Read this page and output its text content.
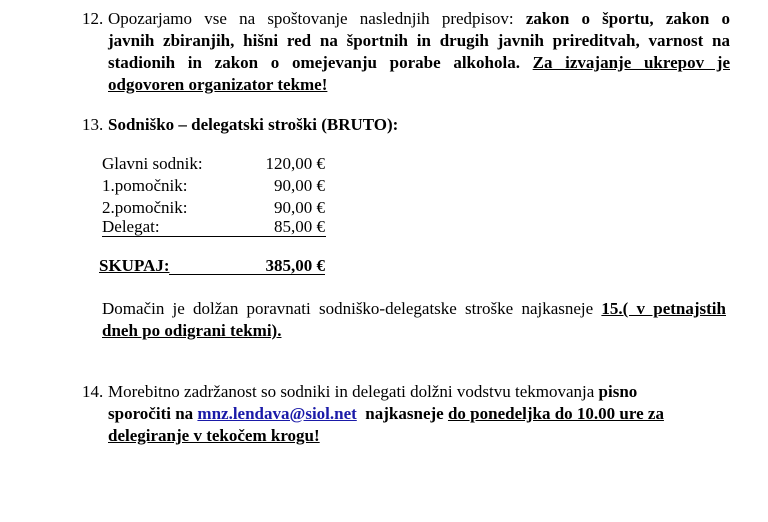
12. Opozarjamo vse na spoštovanje naslednjih predpisov: zakon o športu, zakon o
javnih zbiranjih, hišni red na športnih in drugih javnih prireditvah, varnost na
stadionih in zakon o omejevanju porabe alkohola. Za izvajanje ukrepov je
odgovoren organizator tekme!
13. Sodniško – delegatski stroški (BRUTO):
Glavni sodnik:	120,00 €
1.pomočnik:	90,00 €
2.pomočnik:	90,00 €
Delegat:	85,00 €
SKUPAJ:	385,00 €
Domačin je dolžan poravnati sodniško-delegatske stroške najkasneje 15.( v petnajstih
dneh po odigrani tekmi).
14. Morebitno zadržanost so sodniki in delegati dolžni vodstvu tekmovanja pisno
sporočiti na mnz.lendava@siol.net  najkasneje do ponedeljka do 10.00 ure za
delegiranje v tekočem krogu!
